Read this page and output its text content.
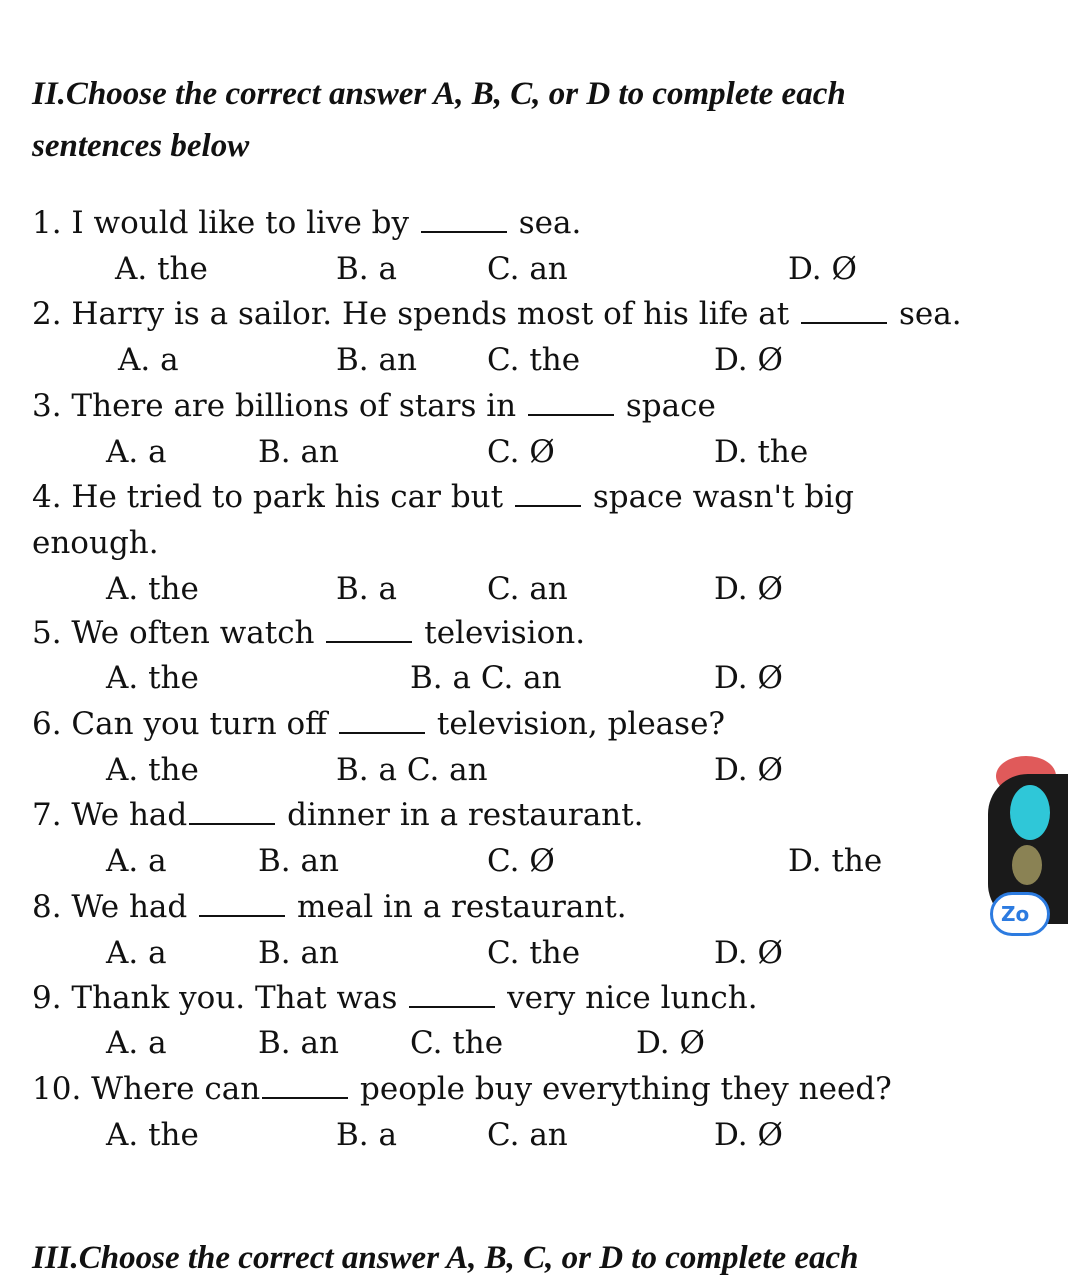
II.Choose the correct answer A, B, C, or D to complete each
sentences below
1. I would like to live by	sea.
A. the	B. a	C. an	D. Ø
2. Harry is a sailor. He spends most of his life at	sea.
A. a	B. an C. the	D. Ø
3. There are billions of stars in	space
A. a	B. an	C. Ø	D. the
4. He tried to park his car but	space wasn't big
enough.
A. the	B. a	C. an	D. Ø
5. We often watch	television.
A. the	B. a C. an	D. Ø
6. Can you turn off	television, please?
A. the	B. a C. an	D. Ø
7. We had	dinner in a restaurant.
A. a	B. an	C. Ø	D. the
8. We had	meal in a restaurant.
A. a	B. an	C. the	D. Ø
9. Thank you. That was	very nice lunch.
A. a	B. an C. the	D. Ø
10. Where can	people buy everything they need?
A. the	B. a	C. an	D. Ø
III.Choose the correct answer A, B, C, or D to complete each
Zo
